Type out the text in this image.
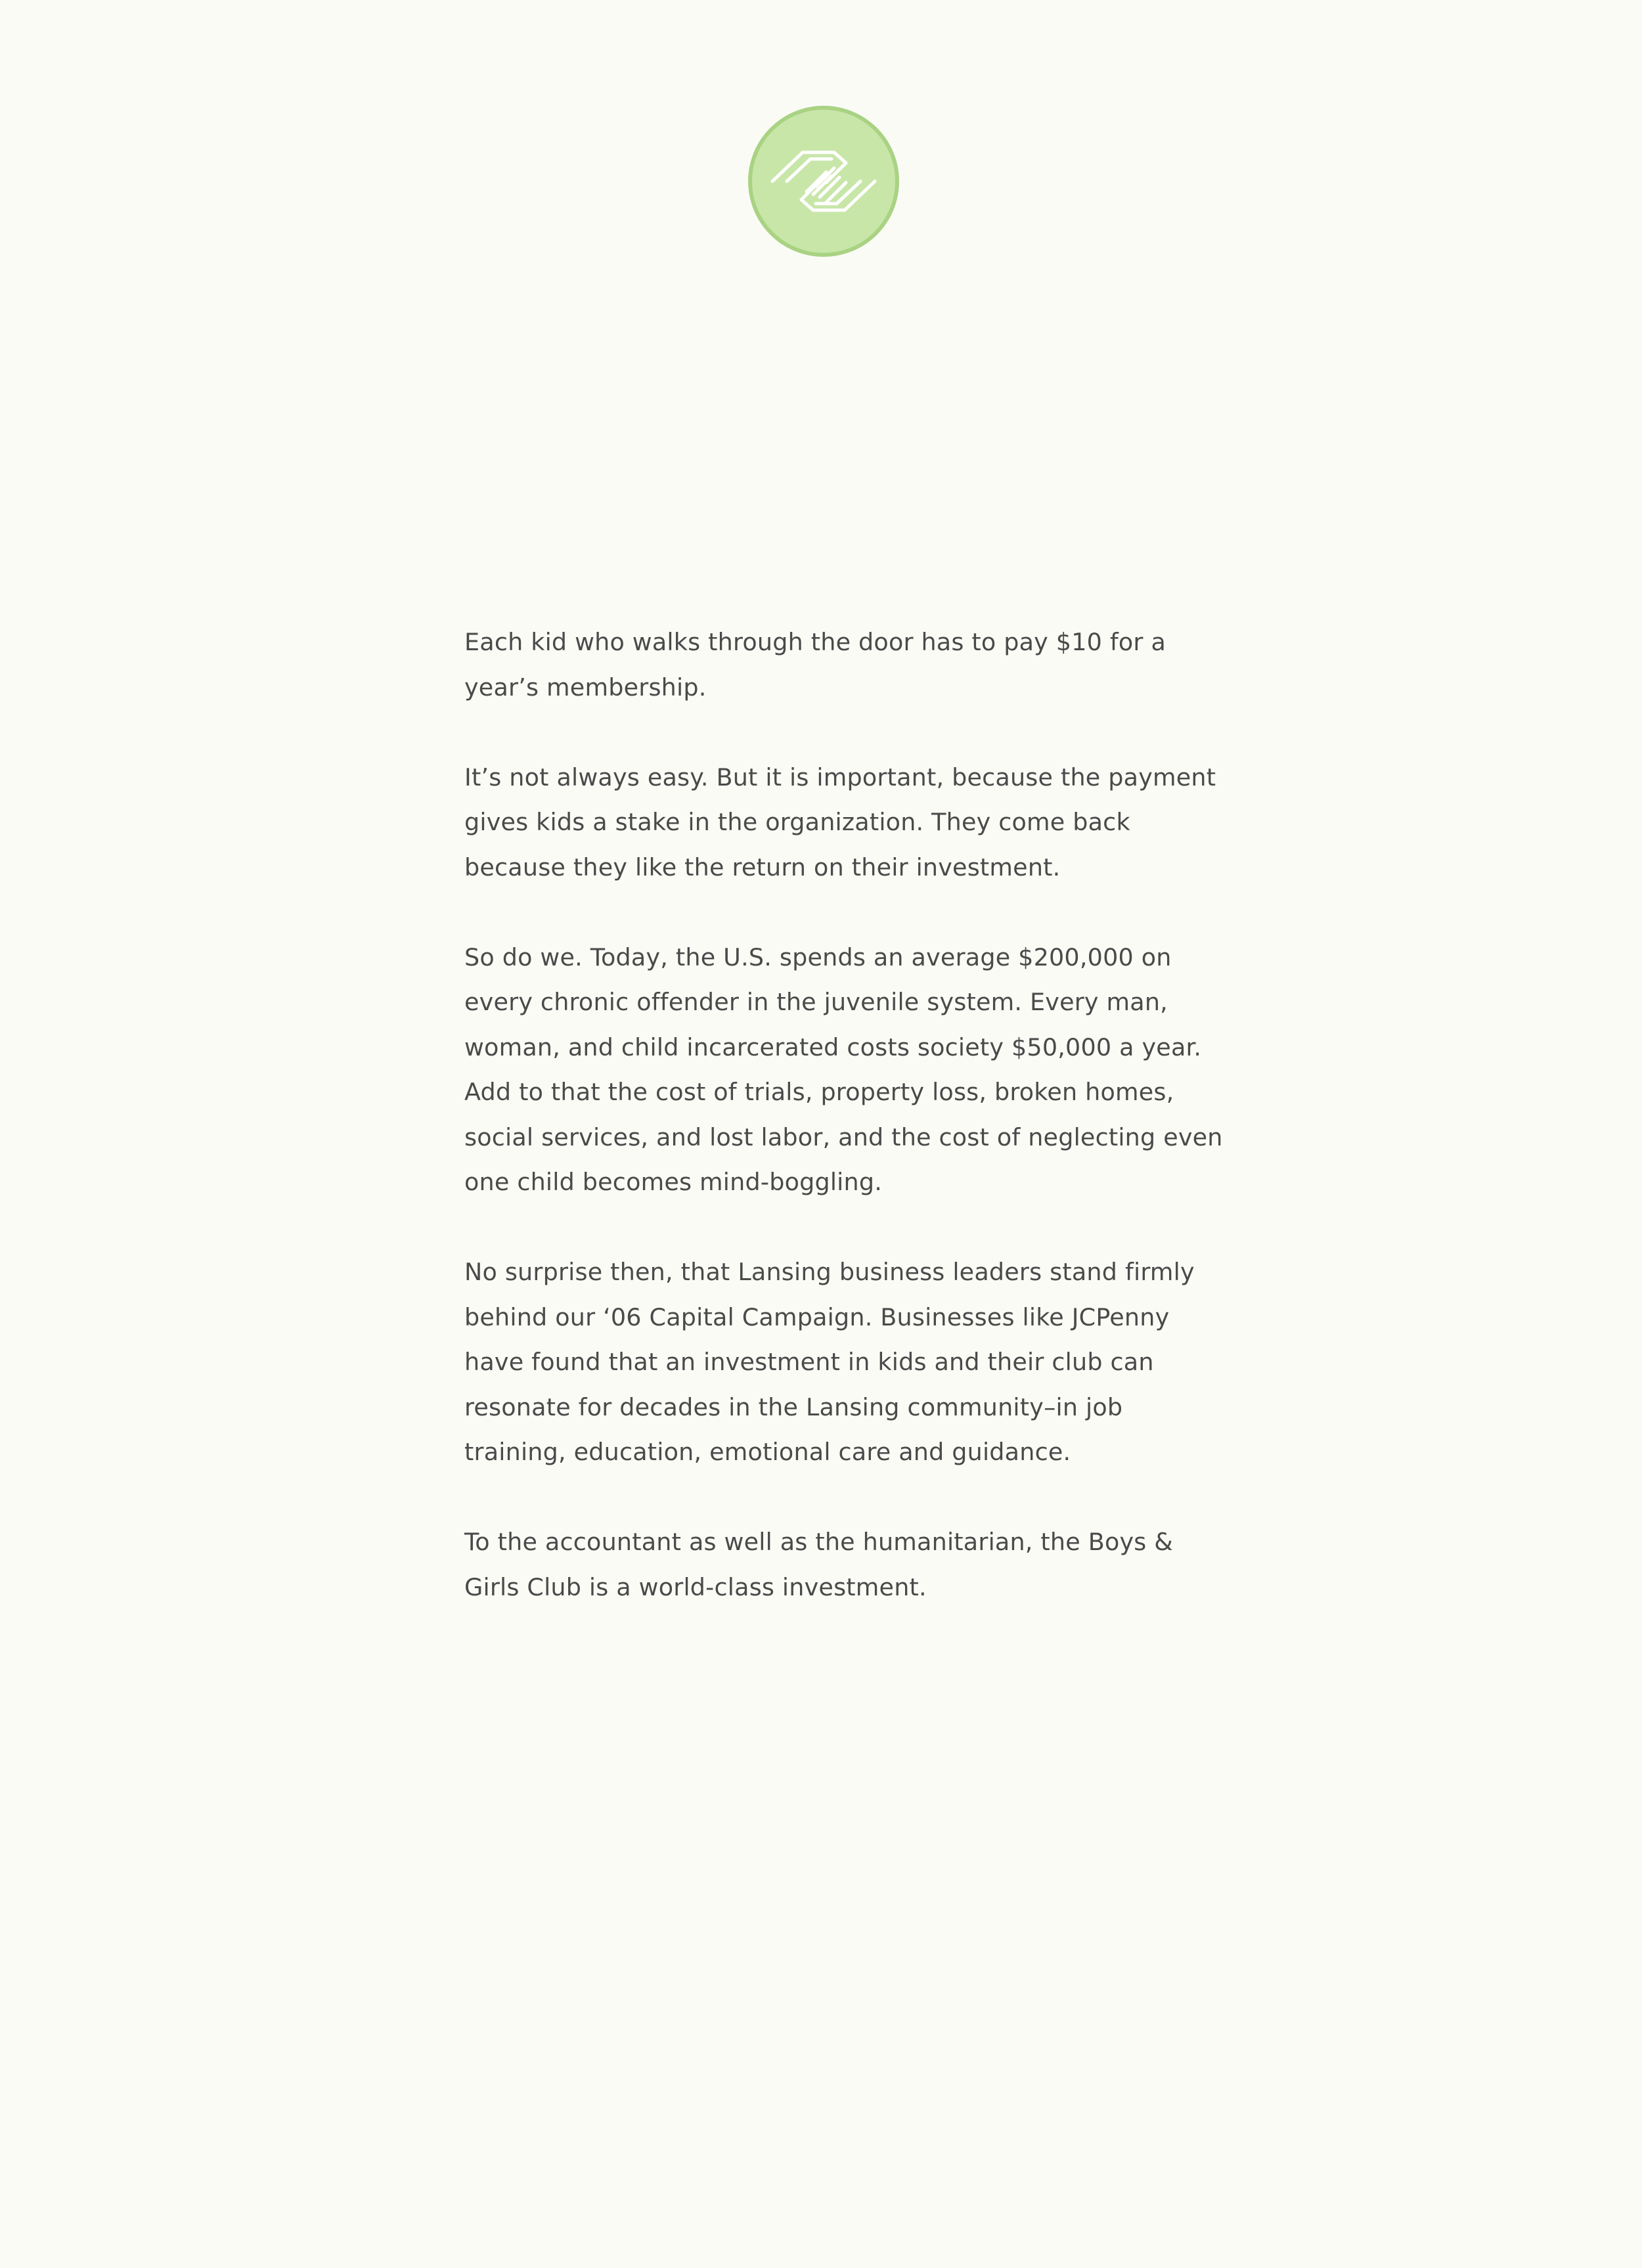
Each kid who walks through the door has to pay $10 for a year’s membership.

It’s not always easy. But it is important, because the payment gives kids a stake in the organization. They come back because they like the return on their investment.

So do we. Today, the U.S. spends an average $200,000 on every chronic offender in the juvenile system. Every man, woman, and child incarcerated costs society $50,000 a year. Add to that the cost of trials, property loss, broken homes, social services, and lost labor, and the cost of neglecting even one child becomes mind-boggling.

No surprise then, that Lansing business leaders stand firmly behind our ‘06 Capital Campaign. Businesses like JCPenny have found that an investment in kids and their club can resonate for decades in the Lansing community–in job training, education, emotional care and guidance.

To the accountant as well as the humanitarian, the Boys & Girls Club is a world-class investment.
